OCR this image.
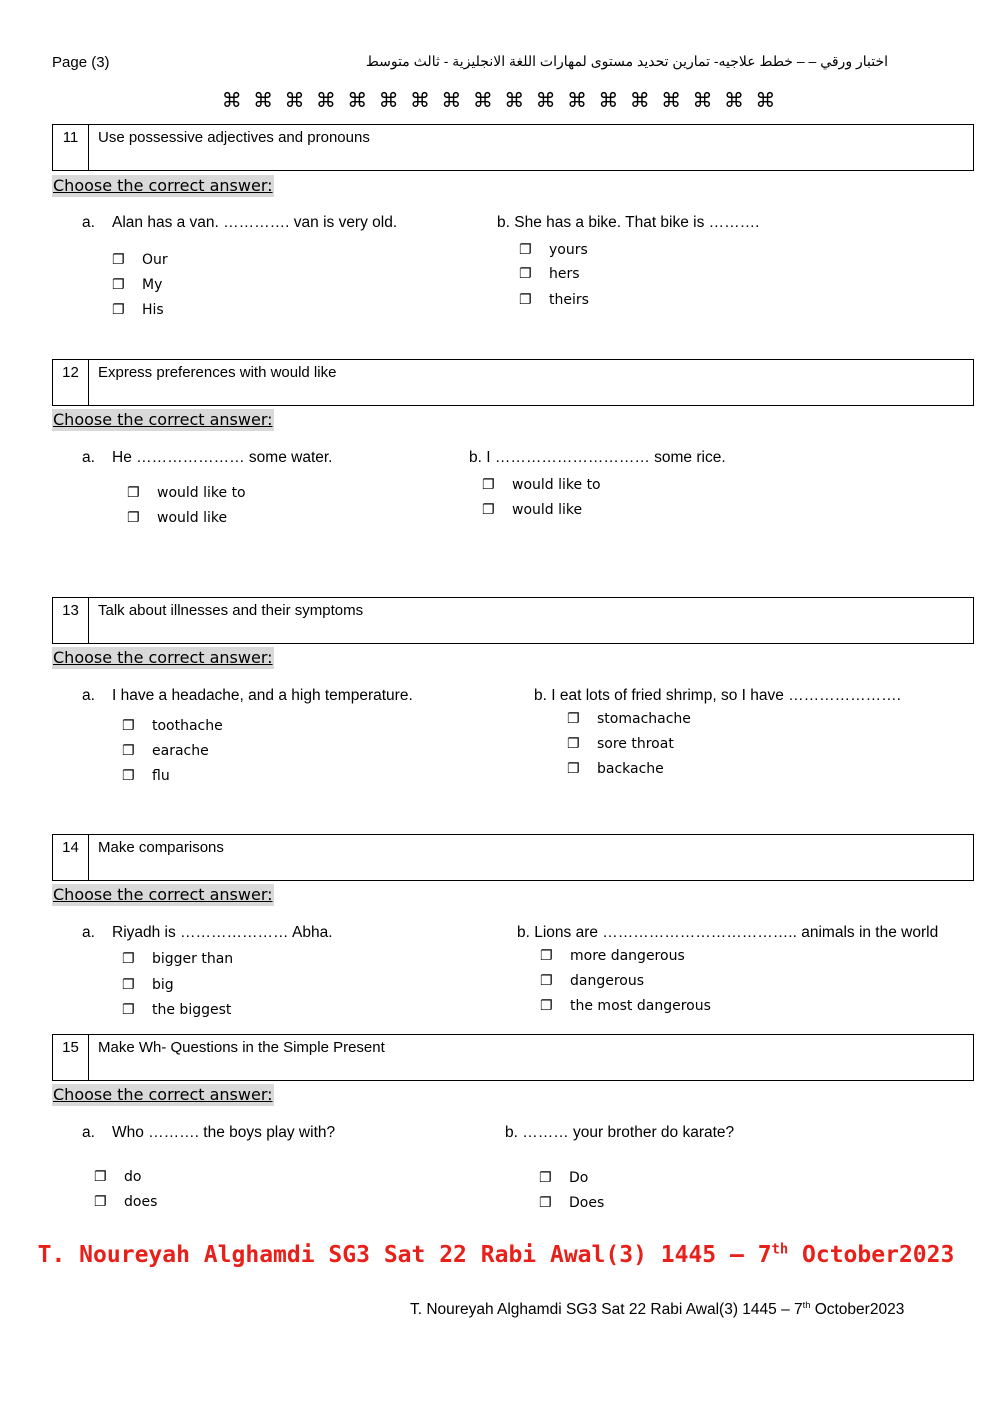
Page (3)	اختبار ورقي – – خطط علاجيه- تمارين تحديد مستوى لمهارات اللغة الانجليزية - ثالث متوسط
⌘ ⌘ ⌘ ⌘ ⌘ ⌘ ⌘ ⌘ ⌘ ⌘ ⌘ ⌘ ⌘ ⌘ ⌘ ⌘ ⌘ ⌘
11	Use possessive adjectives and pronouns
Choose the correct answer:
a. Alan has a van. …………. van is very old.
❐	Our
❐	My
❐	His
b. She has a bike. That bike is ……….
❐	yours
❐	hers
❐	theirs
12	Express preferences with would like
Choose the correct answer:
a. He ………………… some water.
❐	would like to
❐	would like
b. I ………………………… some rice.
❐	would like to
❐	would like
13	Talk about illnesses and their symptoms
Choose the correct answer:
a. I have a headache, and a high temperature.
❐	toothache
❐	earache
❐	flu
b. I eat lots of fried shrimp, so I have ………………….
❐	stomachache
❐	sore throat
❐	backache
14	Make comparisons
Choose the correct answer:
a. Riyadh is ………………… Abha.
❐	bigger than
❐	big
❐	the biggest
b. Lions are ……………………………….. animals in the world
❐	more dangerous
❐	dangerous
❐	the most dangerous
15	Make Wh- Questions in the Simple Present
Choose the correct answer:
a. Who ………. the boys play with?
❐	do
❐	does
b. ……… your brother do karate?
❐	Do
❐	Does
T. Noureyah Alghamdi SG3 Sat 22 Rabi Awal(3) 1445 – 7th October2023
T. Noureyah Alghamdi SG3 Sat 22 Rabi Awal(3) 1445 – 7th October2023
